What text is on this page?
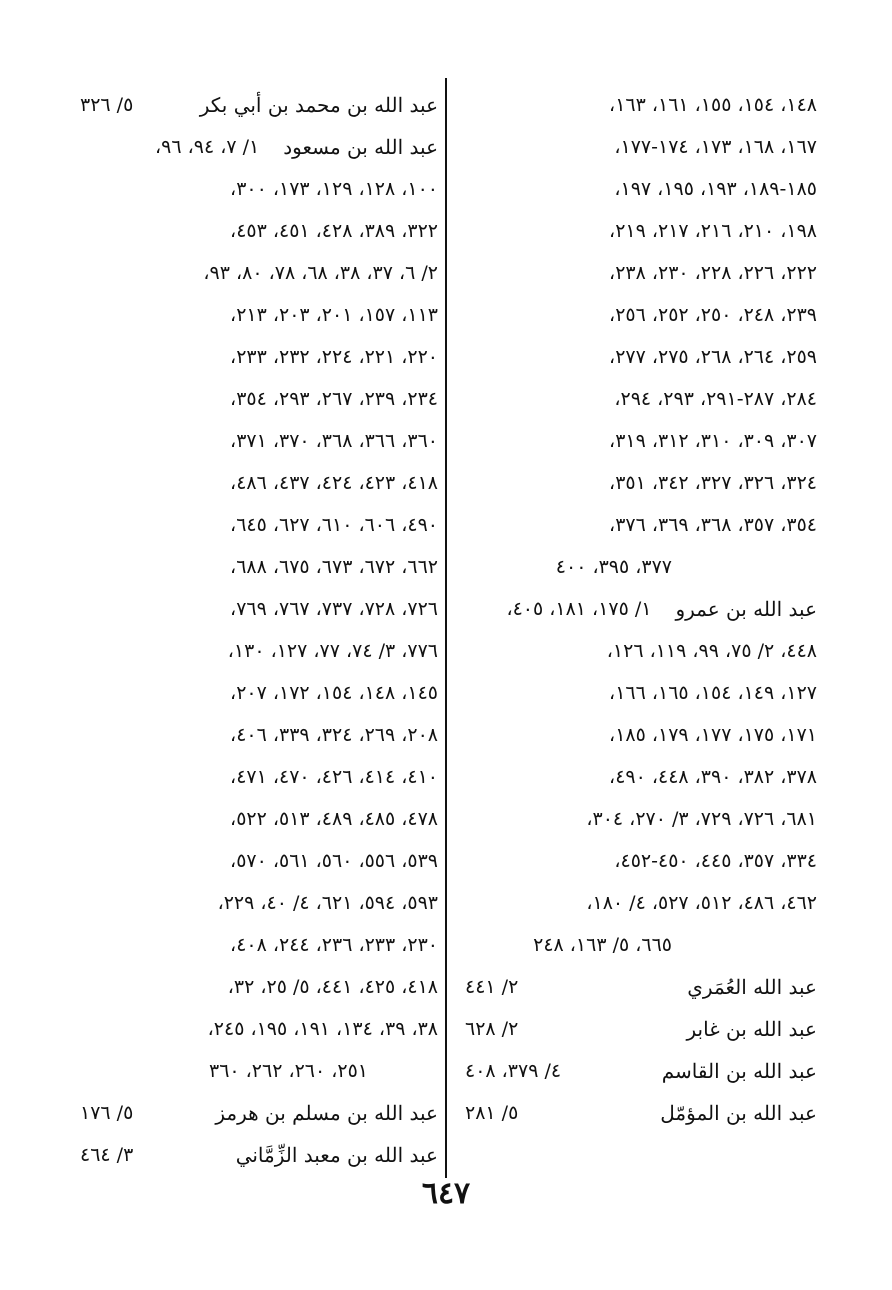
١٤٨، ١٥٤، ١٥٥، ١٦١، ١٦٣،
١٦٧، ١٦٨، ١٧٣، ١٧٤-١٧٧،
١٨٥-١٨٩، ١٩٣، ١٩٥، ١٩٧،
١٩٨، ٢١٠، ٢١٦، ٢١٧، ٢١٩،
٢٢٢، ٢٢٦، ٢٢٨، ٢٣٠، ٢٣٨،
٢٣٩، ٢٤٨، ٢٥٠، ٢٥٢، ٢٥٦،
٢٥٩، ٢٦٤، ٢٦٨، ٢٧٥، ٢٧٧،
٢٨٤، ٢٨٧-٢٩١، ٢٩٣، ٢٩٤،
٣٠٧، ٣٠٩، ٣١٠، ٣١٢، ٣١٩،
٣٢٤، ٣٢٦، ٣٢٧، ٣٤٢، ٣٥١،
٣٥٤، ٣٥٧، ٣٦٨، ٣٦٩، ٣٧٦،
٣٧٧، ٣٩٥، ٤٠٠
عبد الله بن عمرو
١/ ١٧٥، ١٨١، ٤٠٥،
٤٤٨، ٢/ ٧٥، ٩٩، ١١٩، ١٢٦،
١٢٧، ١٤٩، ١٥٤، ١٦٥، ١٦٦،
١٧١، ١٧٥، ١٧٧، ١٧٩، ١٨٥،
٣٧٨، ٣٨٢، ٣٩٠، ٤٤٨، ٤٩٠،
٦٨١، ٧٢٦، ٧٢٩، ٣/ ٢٧٠، ٣٠٤،
٣٣٤، ٣٥٧، ٤٤٥، ٤٥٠-٤٥٢،
٤٦٢، ٤٨٦، ٥١٢، ٥٢٧، ٤/ ١٨٠،
٦٦٥، ٥/ ١٦٣، ٢٤٨
عبد الله العُمَري
٢/ ٤٤١
عبد الله بن غابر
٢/ ٦٢٨
عبد الله بن القاسم
٤/ ٣٧٩، ٤٠٨
عبد الله بن المؤمّل
٥/ ٢٨١
عبد الله بن محمد بن أبي بكر
٥/ ٣٢٦
عبد الله بن مسعود
١/ ٧، ٩٤، ٩٦،
١٠٠، ١٢٨، ١٢٩، ١٧٣، ٣٠٠،
٣٢٢، ٣٨٩، ٤٢٨، ٤٥١، ٤٥٣،
٢/ ٦، ٣٧، ٣٨، ٦٨، ٧٨، ٨٠، ٩٣،
١١٣، ١٥٧، ٢٠١، ٢٠٣، ٢١٣،
٢٢٠، ٢٢١، ٢٢٤، ٢٣٢، ٢٣٣،
٢٣٤، ٢٣٩، ٢٦٧، ٢٩٣، ٣٥٤،
٣٦٠، ٣٦٦، ٣٦٨، ٣٧٠، ٣٧١،
٤١٨، ٤٢٣، ٤٢٤، ٤٣٧، ٤٨٦،
٤٩٠، ٦٠٦، ٦١٠، ٦٢٧، ٦٤٥،
٦٦٢، ٦٧٢، ٦٧٣، ٦٧٥، ٦٨٨،
٧٢٦، ٧٢٨، ٧٣٧، ٧٦٧، ٧٦٩،
٧٧٦، ٣/ ٧٤، ٧٧، ١٢٧، ١٣٠،
١٤٥، ١٤٨، ١٥٤، ١٧٢، ٢٠٧،
٢٠٨، ٢٦٩، ٣٢٤، ٣٣٩، ٤٠٦،
٤١٠، ٤١٤، ٤٢٦، ٤٧٠، ٤٧١،
٤٧٨، ٤٨٥، ٤٨٩، ٥١٣، ٥٢٢،
٥٣٩، ٥٥٦، ٥٦٠، ٥٦١، ٥٧٠،
٥٩٣، ٥٩٤، ٦٢١، ٤/ ٤٠، ٢٢٩،
٢٣٠، ٢٣٣، ٢٣٦، ٢٤٤، ٤٠٨،
٤١٨، ٤٢٥، ٤٤١، ٥/ ٢٥، ٣٢،
٣٨، ٣٩، ١٣٤، ١٩١، ١٩٥، ٢٤٥،
٢٥١، ٢٦٠، ٢٦٢، ٣٦٠
عبد الله بن مسلم بن هرمز
٥/ ١٧٦
عبد الله بن معبد الزِّمَّاني
٣/ ٤٦٤
٦٤٧
